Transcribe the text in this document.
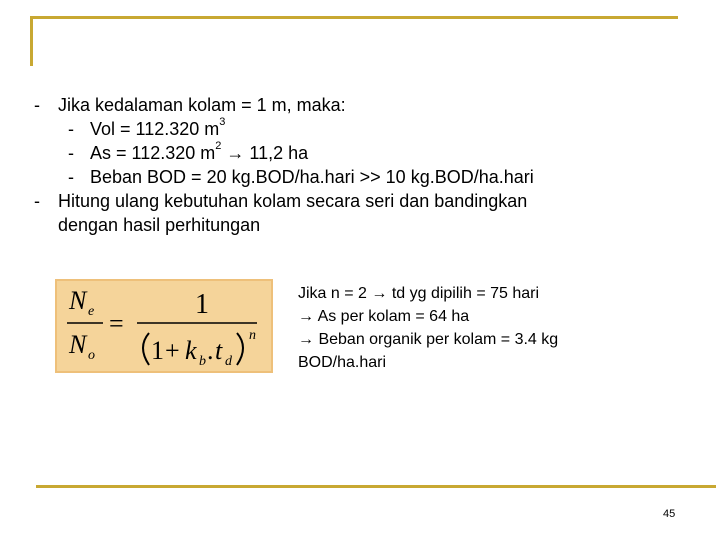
- Jika kedalaman kolam = 1 m, maka:
- Vol = 112.320 $m^3$
- As = 112.320 $m^2 \to 11,2$ ha
- Beban BOD = 20 kg.BOD/ha.hari >> 10 kg.BOD/ha.hari
- Hitung ulang kebutuhan kolam secara seri dan bandingkan
dengan hasil perhitungan
N e
N o
=
1
1 + k b . t d
n
Jika n = 2 → td yg dipilih = 75 hari
→ As per kolam = 64 ha
→ Beban organik per kolam = 3.4 kg
BOD/ha.hari
45
